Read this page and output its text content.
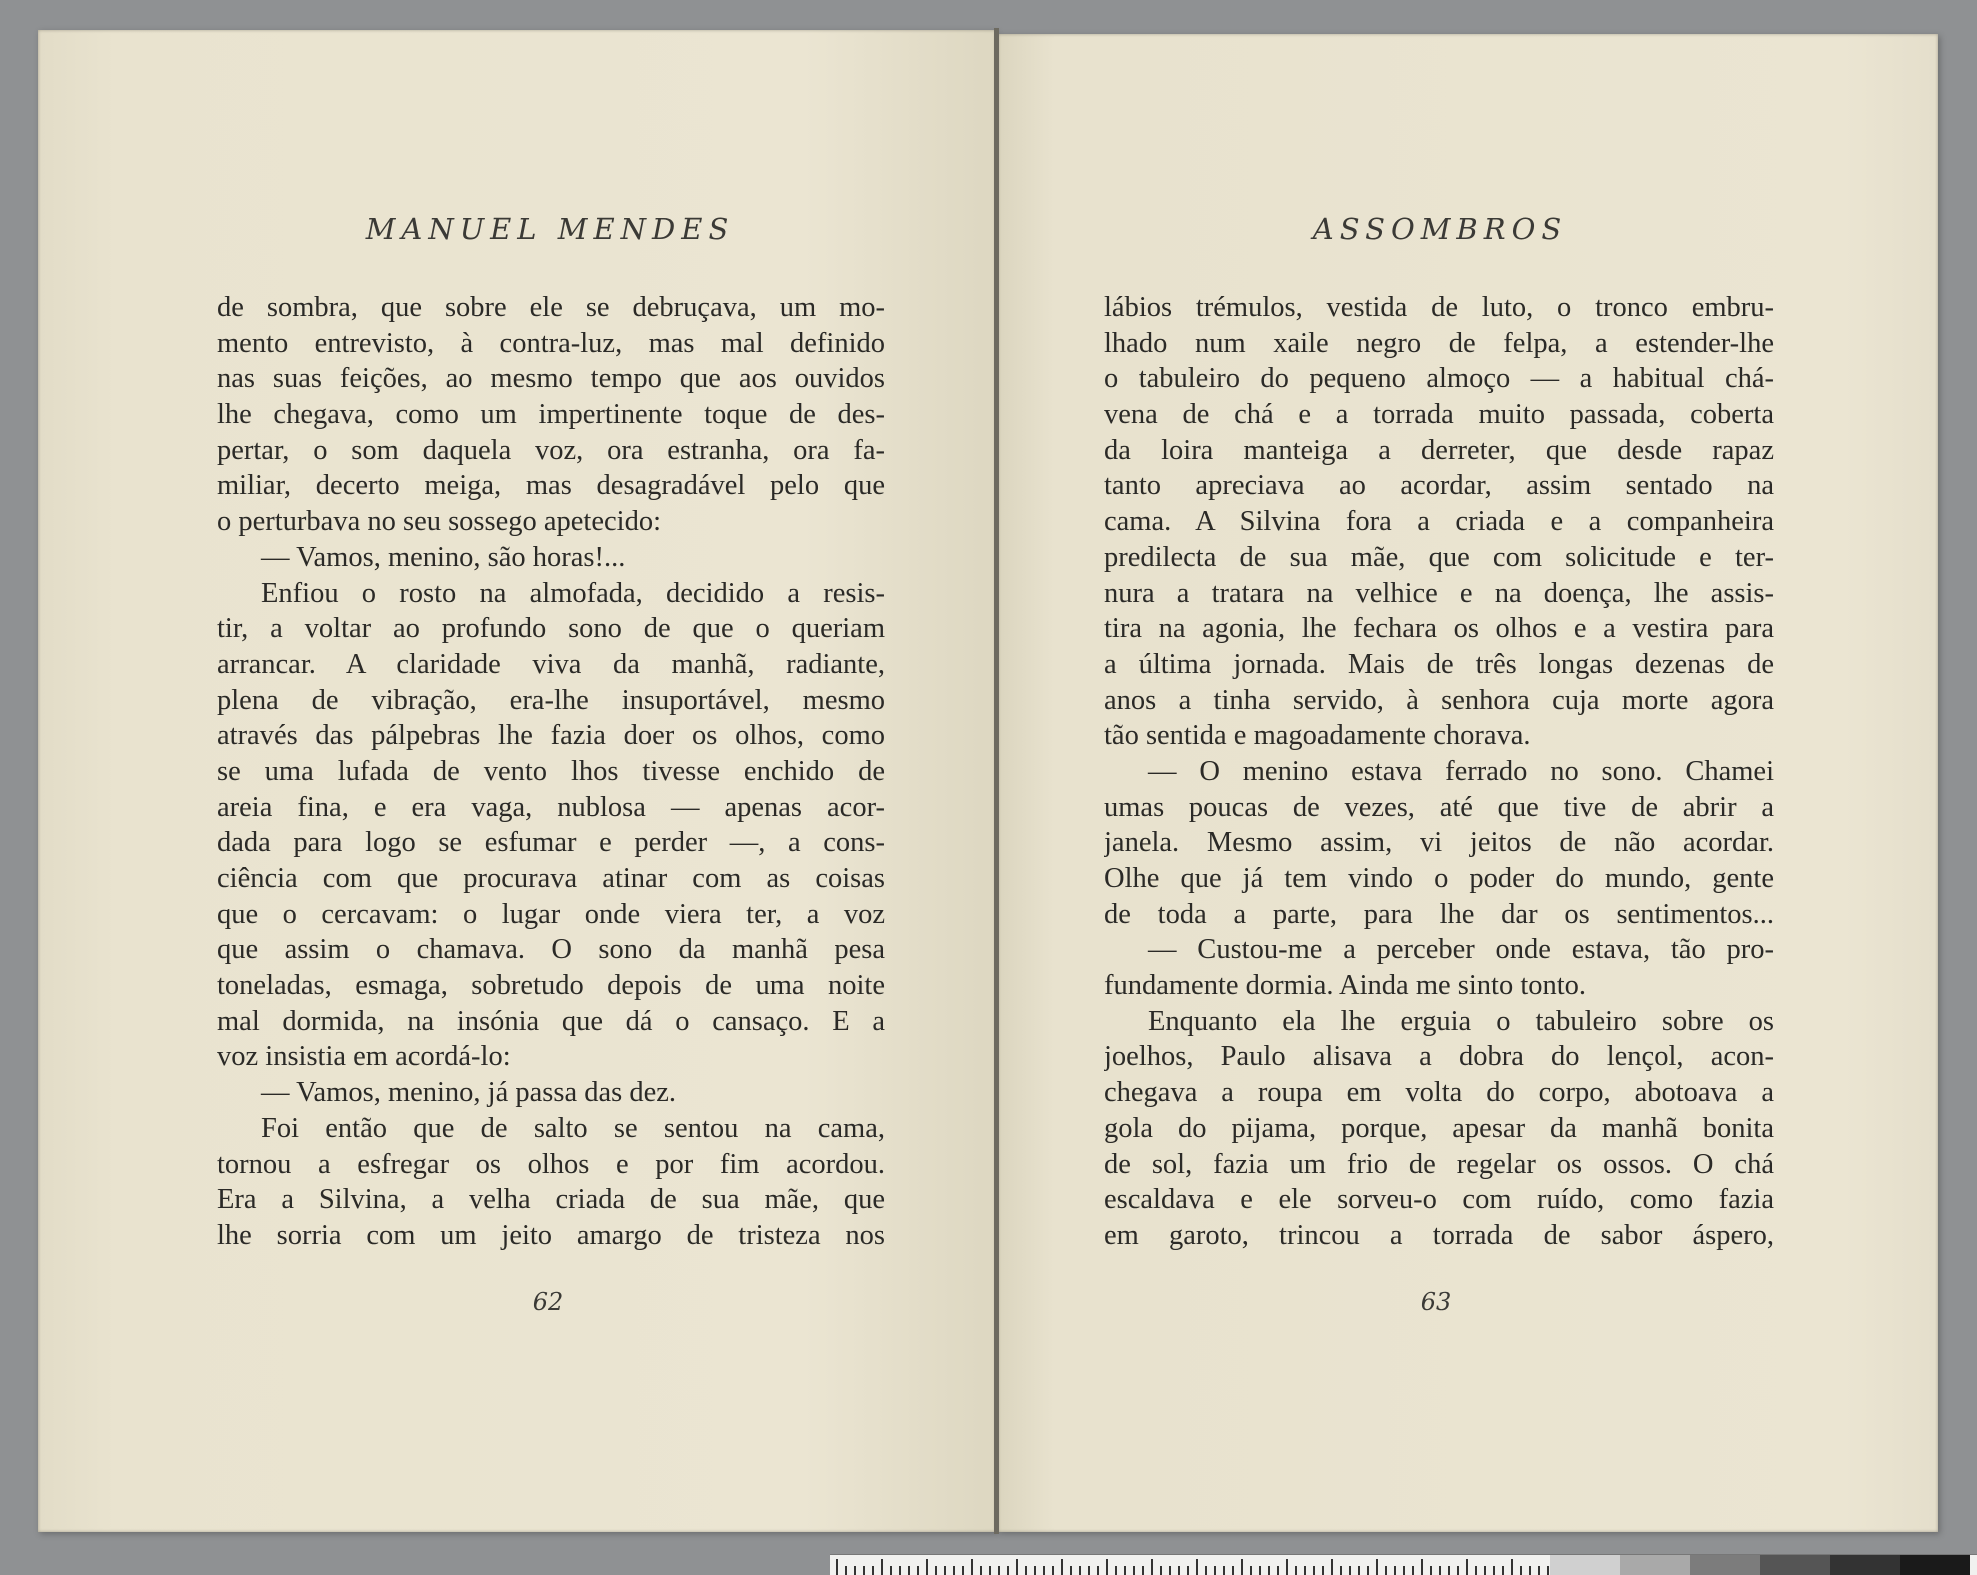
MANUEL MENDES	ASSOMBROS
de sombra, que sobre ele se debruçava, um mo-
mento entrevisto, à contra-luz, mas mal definido
nas suas feições, ao mesmo tempo que aos ouvidos
lhe chegava, como um impertinente toque de des-
pertar, o som daquela voz, ora estranha, ora fa-
miliar, decerto meiga, mas desagradável pelo que
o perturbava no seu sossego apetecido:
— Vamos, menino, são horas!...
Enfiou o rosto na almofada, decidido a resis-
tir, a voltar ao profundo sono de que o queriam
arrancar. A claridade viva da manhã, radiante,
plena de vibração, era-lhe insuportável, mesmo
através das pálpebras lhe fazia doer os olhos, como
se uma lufada de vento lhos tivesse enchido de
areia fina, e era vaga, nublosa — apenas acor-
dada para logo se esfumar e perder —, a cons-
ciência com que procurava atinar com as coisas
que o cercavam: o lugar onde viera ter, a voz
que assim o chamava. O sono da manhã pesa
toneladas, esmaga, sobretudo depois de uma noite
mal dormida, na insónia que dá o cansaço. E a
voz insistia em acordá-lo:
— Vamos, menino, já passa das dez.
Foi então que de salto se sentou na cama,
tornou a esfregar os olhos e por fim acordou.
Era a Silvina, a velha criada de sua mãe, que
lhe sorria com um jeito amargo de tristeza nos
lábios trémulos, vestida de luto, o tronco embru-
lhado num xaile negro de felpa, a estender-lhe
o tabuleiro do pequeno almoço — a habitual chá-
vena de chá e a torrada muito passada, coberta
da loira manteiga a derreter, que desde rapaz
tanto apreciava ao acordar, assim sentado na
cama. A Silvina fora a criada e a companheira
predilecta de sua mãe, que com solicitude e ter-
nura a tratara na velhice e na doença, lhe assis-
tira na agonia, lhe fechara os olhos e a vestira para
a última jornada. Mais de três longas dezenas de
anos a tinha servido, à senhora cuja morte agora
tão sentida e magoadamente chorava.
— O menino estava ferrado no sono. Chamei
umas poucas de vezes, até que tive de abrir a
janela. Mesmo assim, vi jeitos de não acordar.
Olhe que já tem vindo o poder do mundo, gente
de toda a parte, para lhe dar os sentimentos...
— Custou-me a perceber onde estava, tão pro-
fundamente dormia. Ainda me sinto tonto.
Enquanto ela lhe erguia o tabuleiro sobre os
joelhos, Paulo alisava a dobra do lençol, acon-
chegava a roupa em volta do corpo, abotoava a
gola do pijama, porque, apesar da manhã bonita
de sol, fazia um frio de regelar os ossos. O chá
escaldava e ele sorveu-o com ruído, como fazia
em garoto, trincou a torrada de sabor áspero,
62	63
